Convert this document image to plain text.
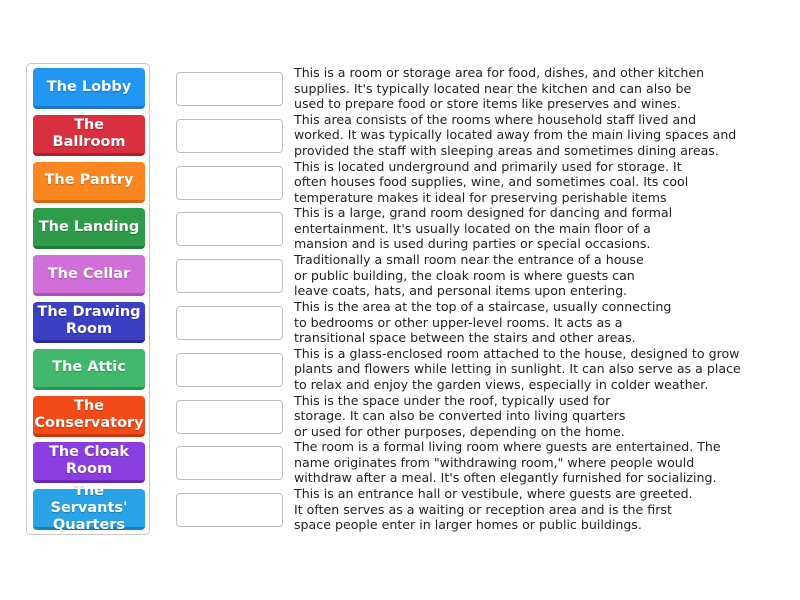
The Lobby
The Ballroom
The Pantry
The Landing
The Cellar
The Drawing
Room
The Attic
The
Conservatory
The Cloak
Room
The Servants'
Quarters
This is a room or storage area for food, dishes, and other kitchen
supplies. It's typically located near the kitchen and can also be
used to prepare food or store items like preserves and wines.
This area consists of the rooms where household staff lived and
worked. It was typically located away from the main living spaces and
provided the staff with sleeping areas and sometimes dining areas.
This is located underground and primarily used for storage. It
often houses food supplies, wine, and sometimes coal. Its cool
temperature makes it ideal for preserving perishable items
This is a large, grand room designed for dancing and formal
entertainment. It's usually located on the main floor of a
mansion and is used during parties or special occasions.
Traditionally a small room near the entrance of a house
or public building, the cloak room is where guests can
leave coats, hats, and personal items upon entering.
This is the area at the top of a staircase, usually connecting
to bedrooms or other upper-level rooms. It acts as a
transitional space between the stairs and other areas.
This is a glass-enclosed room attached to the house, designed to grow
plants and flowers while letting in sunlight. It can also serve as a place
to relax and enjoy the garden views, especially in colder weather.
This is the space under the roof, typically used for
storage. It can also be converted into living quarters
or used for other purposes, depending on the home.
The room is a formal living room where guests are entertained. The
name originates from "withdrawing room," where people would
withdraw after a meal. It's often elegantly furnished for socializing.
This is an entrance hall or vestibule, where guests are greeted.
It often serves as a waiting or reception area and is the first
space people enter in larger homes or public buildings.
